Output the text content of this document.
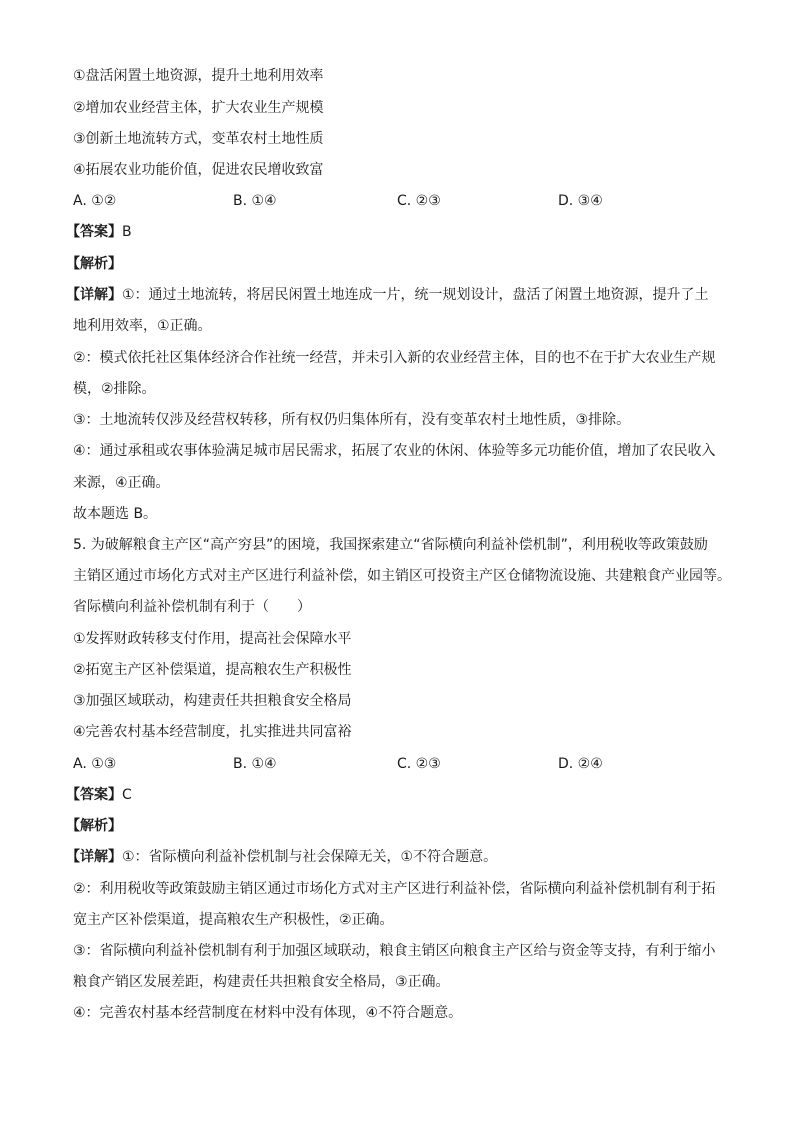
①盘活闲置土地资源，提升土地利用效率
②增加农业经营主体，扩大农业生产规模
③创新土地流转方式，变革农村土地性质
④拓展农业功能价值，促进农民增收致富
A. ①②	B. ①④	C. ②③	D. ③④
【答案】B
【解析】
【详解】①：通过土地流转，将居民闲置土地连成一片，统一规划设计，盘活了闲置土地资源，提升了土
地利用效率，①正确。
②：模式依托社区集体经济合作社统一经营，并未引入新的农业经营主体，目的也不在于扩大农业生产规
模，②排除。
③：土地流转仅涉及经营权转移，所有权仍归集体所有，没有变革农村土地性质，③排除。
④：通过承租或农事体验满足城市居民需求，拓展了农业的休闲、体验等多元功能价值，增加了农民收入
来源，④正确。
故本题选 B。
5. 为破解粮食主产区“高产穷县”的困境，我国探索建立“省际横向利益补偿机制”，利用税收等政策鼓励
主销区通过市场化方式对主产区进行利益补偿，如主销区可投资主产区仓储物流设施、共建粮食产业园等。
省际横向利益补偿机制有利于（　　）
①发挥财政转移支付作用，提高社会保障水平
②拓宽主产区补偿渠道，提高粮农生产积极性
③加强区域联动，构建责任共担粮食安全格局
④完善农村基本经营制度，扎实推进共同富裕
A. ①③	B. ①④	C. ②③	D. ②④
【答案】C
【解析】
【详解】①：省际横向利益补偿机制与社会保障无关，①不符合题意。
②：利用税收等政策鼓励主销区通过市场化方式对主产区进行利益补偿，省际横向利益补偿机制有利于拓
宽主产区补偿渠道，提高粮农生产积极性，②正确。
③：省际横向利益补偿机制有利于加强区域联动，粮食主销区向粮食主产区给与资金等支持，有利于缩小
粮食产销区发展差距，构建责任共担粮食安全格局，③正确。
④：完善农村基本经营制度在材料中没有体现，④不符合题意。
